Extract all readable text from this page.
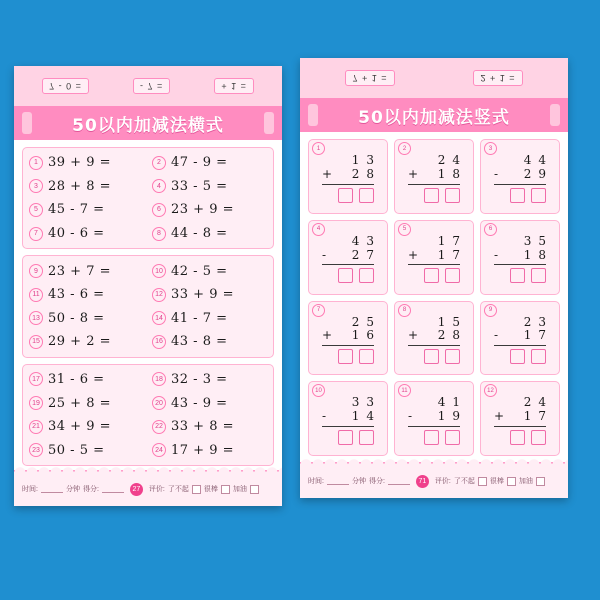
7 - 0 =	- 7 =	+ 1 =
50以内加减法横式
1 39 + 9 =	2 47 - 9 =
3 28 + 8 =	4 33 - 5 =
5 45 - 7 =	6 23 + 9 =
7 40 - 6 =	8 44 - 8 =
9 23 + 7 =	10 42 - 5 =
11 43 - 6 =	12 33 + 9 =
13 50 - 8 =	14 41 - 7 =
15 29 + 2 =	16 43 - 8 =
17 31 - 6 =	18 32 - 3 =
19 25 + 8 =	20 43 - 9 =
21 34 + 9 =	22 33 + 8 =
23 50 - 5 =	24 17 + 9 =
时间:	分钟 得分:	27	评价: 了不起 很棒 加油
7 + 1 =	2 + 1 =
50以内加减法竖式
1
1 3
+ 2 8
2
2 4
+ 1 8
3
4 4
- 2 9
4
4 3
- 2 7
5
1 7
+ 1 7
6
3 5
- 1 8
7
2 5
+ 1 6
8
1 5
+ 2 8
9
2 3
- 1 7
10
3 3
- 1 4
11
4 1
- 1 9
12
2 4
+ 1 7
时间:	分钟 得分:	71	评价: 了不起 很棒 加油
